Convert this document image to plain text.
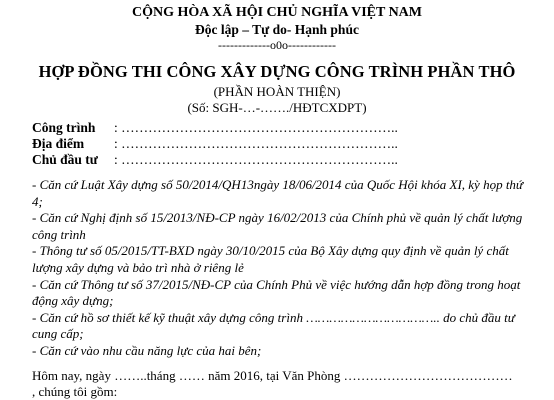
CỘNG HÒA XÃ HỘI CHỦ NGHĨA VIỆT NAM
Độc lập – Tự do- Hạnh phúc
-------------o0o------------
HỢP ĐỒNG THI CÔNG XÂY DỰNG CÔNG TRÌNH PHẦN THÔ
(PHẦN HOÀN THIỆN)
(Số: SGH-…-……./HĐTCXDPT)
Công trình : ……………………………………………………..
Địa điểm : ……………………………………………………..
Chủ đầu tư : ……………………………………………………..

- Căn cứ Luật Xây dựng số 50/2014/QH13ngày 18/06/2014 của Quốc Hội khóa XI, kỳ họp thứ 4;

- Căn cứ Nghị định số 15/2013/NĐ-CP ngày 16/02/2013 của Chính phủ về quản lý chất lượng công trình

- Thông tư số 05/2015/TT-BXD ngày 30/10/2015 của Bộ Xây dựng quy định về quản lý chất lượng xây dựng và bảo trì nhà ở riêng lẻ

- Căn cứ Thông tư số 37/2015/NĐ-CP của Chính Phủ về việc hướng dẫn hợp đồng trong hoạt động xây dựng;

- Căn cứ hồ sơ thiết kế kỹ thuật xây dựng công trình …………………………….. do chủ đầu tư cung cấp;

- Căn cứ vào nhu cầu năng lực của hai bên;

Hôm nay, ngày ……..tháng …… năm 2016, tại Văn Phòng …………………………………
, chúng tôi gồm:
